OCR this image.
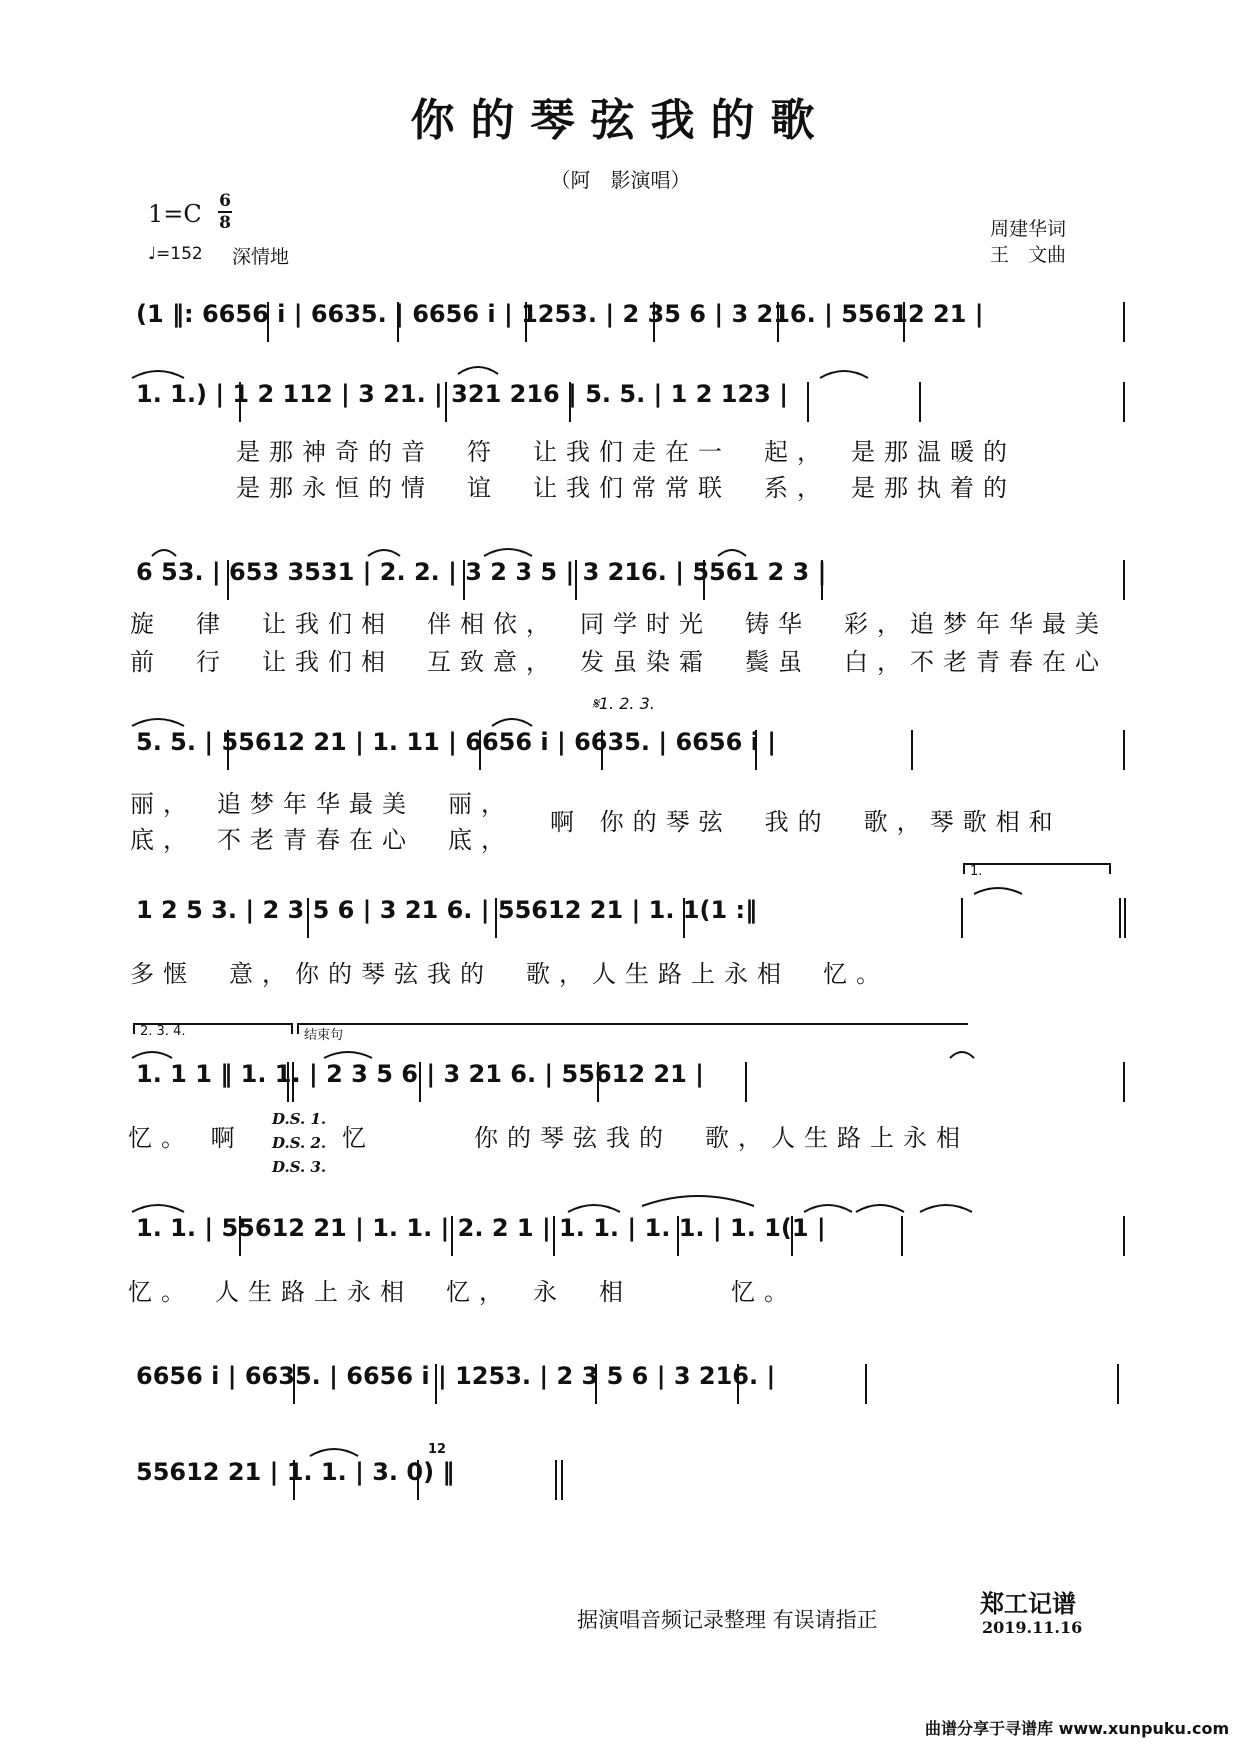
你的琴弦我的歌
（阿　影演唱）
1=C 6
8
♩=152 深情地
周建华词
王　文曲
(1 ‖: 6656 i | 6635. | 6656 i | 1253. | 2 35 6 | 3 216. | 55612 21 |
1. 1.) | 1 2 112 | 3 21. | 321 216 | 5. 5. | 1 2 123 |
是那神奇的音　符　让我们走在一　起，　是那温暖的
是那永恒的情　谊　让我们常常联　系，　是那执着的
6 53. | 653 3531 | 2. 2. | 3 2 3 5 | 3 216. | 5561 2 3 |
旋　律　让我们相　伴相依，　同学时光　铸华　彩，追梦年华最美
前　行　让我们相　互致意，　发虽染霜　鬓虽　白，不老青春在心
𝄋1. 2. 3.
5. 5. | 55612 21 | 1. 11 | 6656 i | 6635. | 6656 i |
丽，　追梦年华最美　丽，
底，　不老青春在心　底，
啊 你的琴弦　我的　歌，琴歌相和
1.
1 2 5 3. | 2 3 5 6 | 3 21 6. | 55612 21 | 1. 1(1 :‖
多惬　意，你的琴弦我的　歌，人生路上永相　忆。
2. 3. 4.	结束句
1. 1 1 ‖ 1. 1. | 2 3 5 6 | 3 21 6. | 55612 21 |
忆。 啊
D.S. 1.
D.S. 2.
D.S. 3.
忆　　　你的琴弦我的　歌，人生路上永相
1. 1. | 55612 21 | 1. 1. | 2. 2 1 | 1. 1. | 1. 1. | 1. 1(1 |
忆。　人生路上永相　忆，　永　相　　　忆。
6656 i | 6635. | 6656 i | 1253. | 2 3 5 6 | 3 216. |
12
55612 21 | 1. 1. | 3. 0) ‖
据演唱音频记录整理 有误请指正
郑工记谱
2019.11.16
曲谱分享于寻谱库 www.xunpuku.com
